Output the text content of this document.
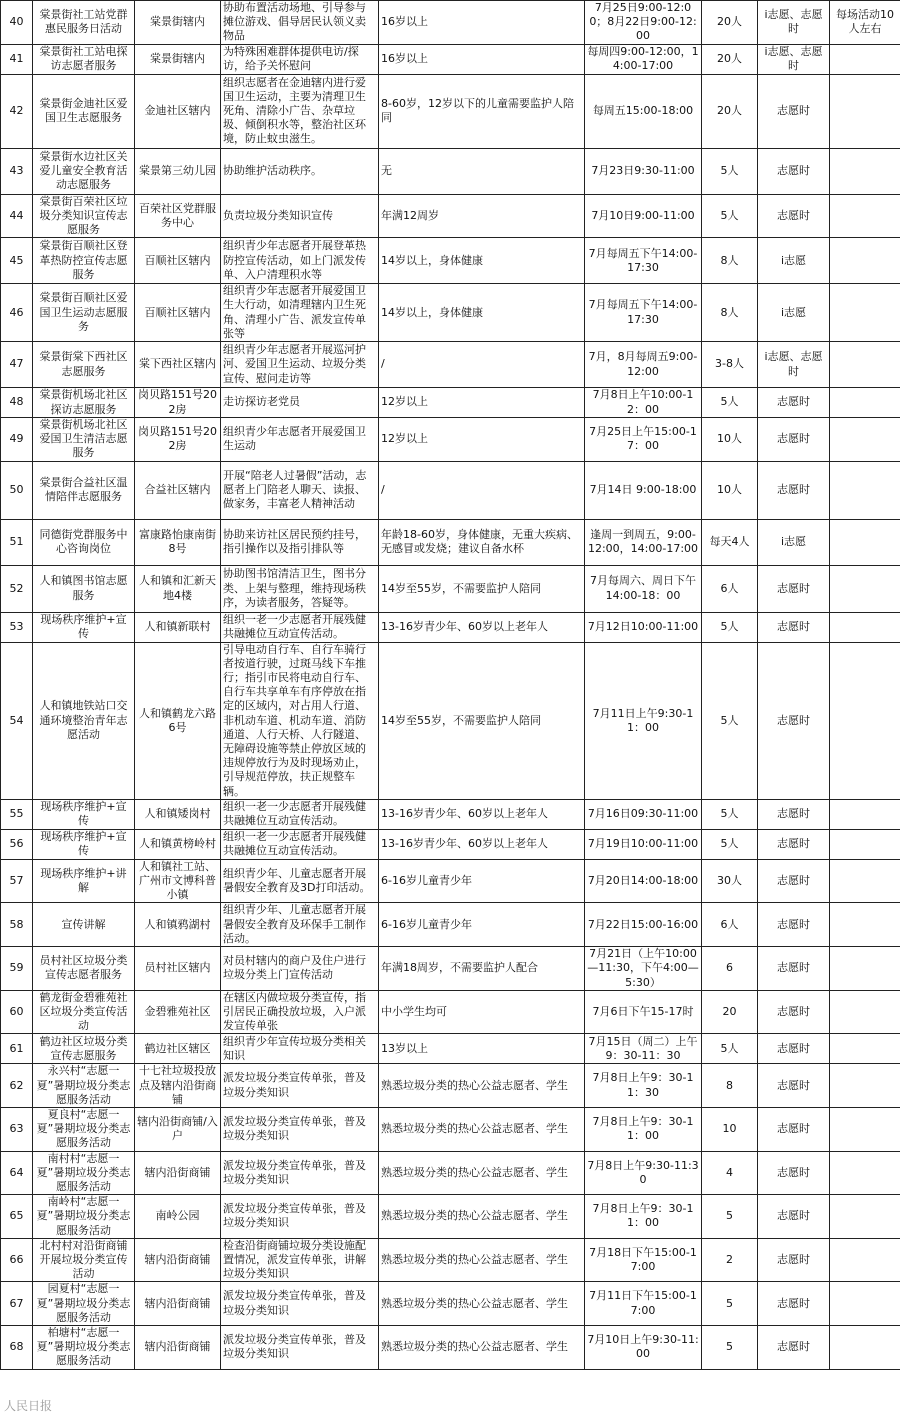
40	棠景街社工站党群惠民服务日活动	棠景街辖内	协助布置活动场地、引导参与摊位游戏、倡导居民认领义卖物品	16岁以上	7月25日9:00-12:00；8月22日9:00-12:00	20人	i志愿、志愿时	每场活动10人左右
41	棠景街社工站电探访志愿者服务	棠景街辖内	为特殊困难群体提供电访/探访，给予关怀慰问	16岁以上	每周四9:00-12:00，14:00-17:00	20人	i志愿、志愿时	
42	棠景街金迪社区爱国卫生志愿服务	金迪社区辖内	组织志愿者在金迪辖内进行爱国卫生运动，主要为清理卫生死角、清除小广告、杂草垃圾、倾倒积水等，整治社区环境，防止蚊虫滋生。	8-60岁，12岁以下的儿童需要监护人陪同	每周五15:00-18:00	20人	志愿时	
43	棠景街水边社区关爱儿童安全教育活动志愿服务	棠景第三幼儿园	协助维护活动秩序。	无	7月23日9:30-11:00	5人	志愿时	
44	棠景街百荣社区垃圾分类知识宣传志愿服务	百荣社区党群服务中心	负责垃圾分类知识宣传	年满12周岁	7月10日9:00-11:00	5人	志愿时	
45	棠景街百顺社区登革热防控宣传志愿服务	百顺社区辖内	组织青少年志愿者开展登革热防控宣传活动，如上门派发传单、入户清理积水等	14岁以上，身体健康	7月每周五下午14:00-17:30	8人	i志愿	
46	棠景街百顺社区爱国卫生运动志愿服务	百顺社区辖内	组织青少年志愿者开展爱国卫生大行动，如清理辖内卫生死角、清理小广告、派发宣传单张等	14岁以上，身体健康	7月每周五下午14:00-17:30	8人	i志愿	
47	棠景街棠下西社区志愿服务	棠下西社区辖内	组织青少年志愿者开展巡河护河、爱国卫生运动、垃圾分类宣传、慰问走访等	/	7月，8月每周五9:00-12:00	3-8人	i志愿、志愿时	
48	棠景街机场北社区探访志愿服务	岗贝路151号202房	走访探访老党员	12岁以上	7月8日上午10:00-12：00	5人	志愿时	
49	棠景街机场北社区爱国卫生清洁志愿服务	岗贝路151号202房	组织青少年志愿者开展爱国卫生运动	12岁以上	7月25日上午15:00-17：00	10人	志愿时	
50	棠景街合益社区温情陪伴志愿服务	合益社区辖内	开展“陪老人过暑假”活动，志愿者上门陪老人聊天、读报、做家务，丰富老人精神活动	/	7月14日 9:00-18:00	10人	志愿时	
51	同德街党群服务中心咨询岗位	富康路怡康南街8号	协助来访社区居民预约挂号，指引操作以及指引排队等	年龄18-60岁，身体健康，无重大疾病、无感冒或发烧；建议自备水杯	逢周一到周五，9:00-12:00，14:00-17:00	每天4人	i志愿	
52	人和镇图书馆志愿服务	人和镇和汇新天地4楼	协助图书馆清洁卫生，图书分类、上架与整理，维持现场秩序，为读者服务，答疑等。	14岁至55岁，不需要监护人陪同	7月每周六、周日下午14:00-18：00	6人	志愿时	
53	现场秩序维护+宣传	人和镇新联村	组织一老一少志愿者开展残健共融摊位互动宣传活动。	13-16岁青少年、60岁以上老年人	7月12日10:00-11:00	5人	志愿时	
54	人和镇地铁站口交通环境整治青年志愿活动	人和镇鹤龙六路6号	引导电动自行车、自行车骑行者按道行驶，过斑马线下车推行；指引市民将电动自行车、自行车共享单车有序停放在指定的区域内，对占用人行道、非机动车道、机动车道、消防通道、人行天桥、人行隧道、无障碍设施等禁止停放区域的违规停放行为及时现场劝止，引导规范停放，扶正规整车辆。	14岁至55岁，不需要监护人陪同	7月11日上午9:30-11：00	5人	志愿时	
55	现场秩序维护+宣传	人和镇矮岗村	组织一老一少志愿者开展残健共融摊位互动宣传活动。	13-16岁青少年、60岁以上老年人	7月16日09:30-11:00	5人	志愿时	
56	现场秩序维护+宣传	人和镇黄榜岭村	组织一老一少志愿者开展残健共融摊位互动宣传活动。	13-16岁青少年、60岁以上老年人	7月19日10:00-11:00	5人	志愿时	
57	现场秩序维护+讲解	人和镇社工站、广州市文博科普小镇	组织青少年、儿童志愿者开展暑假安全教育及3D打印活动。	6-16岁儿童青少年	7月20日14:00-18:00	30人	志愿时	
58	宣传讲解	人和镇鸦湖村	组织青少年、儿童志愿者开展暑假安全教育及环保手工制作活动。	6-16岁儿童青少年	7月22日15:00-16:00	6人	志愿时	
59	员村社区垃圾分类宣传志愿者服务	员村社区辖内	对员村辖内的商户及住户进行垃圾分类上门宣传活动	年满18周岁，不需要监护人配合	7月21日（上午10:00—11:30，下午4:00—5:30）	6	志愿时	
60	鹤龙街金碧雅苑社区垃圾分类宣传活动	金碧雅苑社区	在辖区内做垃圾分类宣传，指引居民正确投放垃圾，入户派发宣传单张	中小学生均可	7月6日下午15-17时	20	志愿时	
61	鹤边社区垃圾分类宣传志愿服务	鹤边社区辖区	组织青少年宣传垃圾分类相关知识	13岁以上	7月15日（周二）上午9：30-11：30	5人	志愿时	
62	永兴村“志愿一夏”暑期垃圾分类志愿服务活动	十七社垃圾投放点及辖内沿街商铺	派发垃圾分类宣传单张，普及垃圾分类知识	熟悉垃圾分类的热心公益志愿者、学生	7月8日上午9：30-11：30	8	志愿时	
63	夏良村“志愿一夏”暑期垃圾分类志愿服务活动	辖内沿街商铺/入户	派发垃圾分类宣传单张，普及垃圾分类知识	熟悉垃圾分类的热心公益志愿者、学生	7月8日上午9：30-11：00	10	志愿时	
64	南村村“志愿一夏”暑期垃圾分类志愿服务活动	辖内沿街商铺	派发垃圾分类宣传单张，普及垃圾分类知识	熟悉垃圾分类的热心公益志愿者、学生	7月8日上午9:30-11:30	4	志愿时	
65	南岭村“志愿一夏”暑期垃圾分类志愿服务活动	南岭公园	派发垃圾分类宣传单张，普及垃圾分类知识	熟悉垃圾分类的热心公益志愿者、学生	7月8日上午9：30-11：00	5	志愿时	
66	北村村对沿街商铺开展垃圾分类宣传活动	辖内沿街商铺	检查沿街商铺垃圾分类设施配置情况，派发宣传单张，讲解垃圾分类知识	熟悉垃圾分类的热心公益志愿者、学生	7月18日下午15:00-17:00	2	志愿时	
67	园夏村“志愿一夏”暑期垃圾分类志愿服务活动	辖内沿街商铺	派发垃圾分类宣传单张，普及垃圾分类知识	熟悉垃圾分类的热心公益志愿者、学生	7月11日下午15:00-17:00	5	志愿时	
68	柏塘村“志愿一夏”暑期垃圾分类志愿服务活动	辖内沿街商铺	派发垃圾分类宣传单张，普及垃圾分类知识	熟悉垃圾分类的热心公益志愿者、学生	7月10日上午9:30-11:00	5	志愿时	
人民日报
